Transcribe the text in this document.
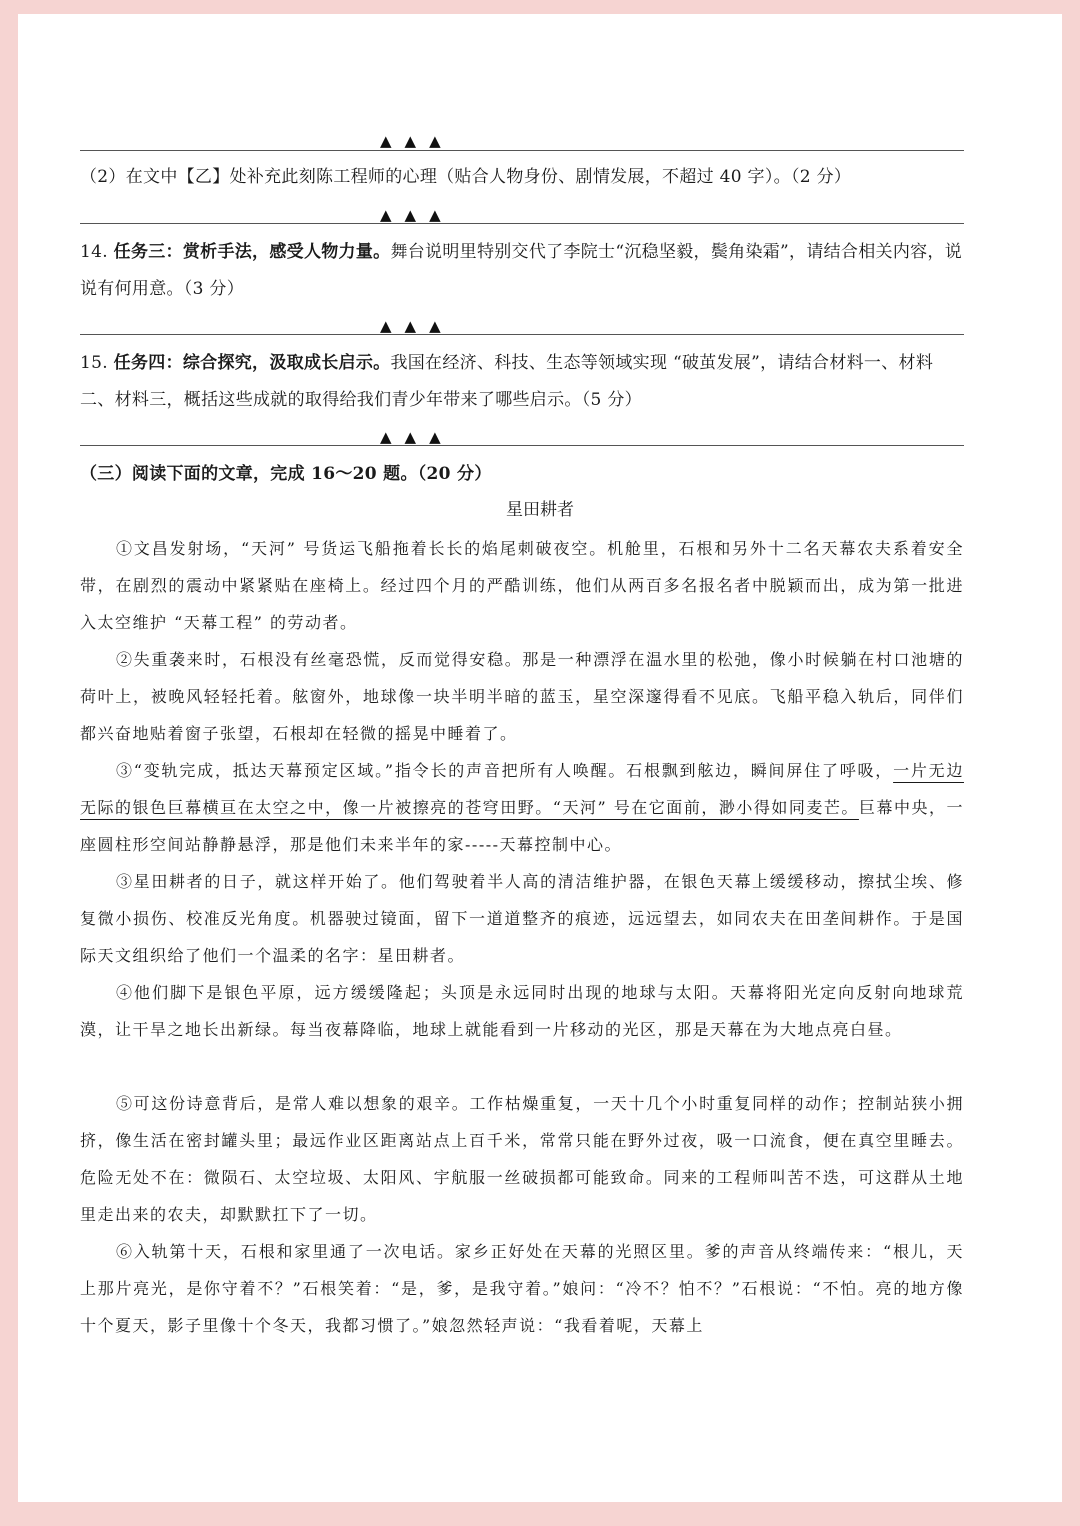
▲▲▲
（2）在文中【乙】处补充此刻陈工程师的心理（贴合人物身份、剧情发展，不超过 40 字）。（2 分）
▲▲▲
14. 任务三：赏析手法，感受人物力量。舞台说明里特别交代了李院士“沉稳坚毅，鬓角染霜”，请结合相关内容，说说有何用意。（3 分）
▲▲▲
15. 任务四：综合探究，汲取成长启示。我国在经济、科技、生态等领域实现 “破茧发展”，请结合材料一、材料二、材料三，概括这些成就的取得给我们青少年带来了哪些启示。（5 分）
▲▲▲
（三）阅读下面的文章，完成 16～20 题。（20 分）
星田耕者
①文昌发射场，“天河” 号货运飞船拖着长长的焰尾刺破夜空。机舱里，石根和另外十二名天幕农夫系着安全带，在剧烈的震动中紧紧贴在座椅上。经过四个月的严酷训练，他们从两百多名报名者中脱颖而出，成为第一批进入太空维护 “天幕工程” 的劳动者。
②失重袭来时，石根没有丝毫恐慌，反而觉得安稳。那是一种漂浮在温水里的松弛，像小时候躺在村口池塘的荷叶上，被晚风轻轻托着。舷窗外，地球像一块半明半暗的蓝玉，星空深邃得看不见底。飞船平稳入轨后，同伴们都兴奋地贴着窗子张望，石根却在轻微的摇晃中睡着了。
③“变轨完成，抵达天幕预定区域。”指令长的声音把所有人唤醒。石根飘到舷边，瞬间屏住了呼吸，一片无边无际的银色巨幕横亘在太空之中，像一片被擦亮的苍穹田野。“天河” 号在它面前，渺小得如同麦芒。巨幕中央，一座圆柱形空间站静静悬浮，那是他们未来半年的家-----天幕控制中心。
③星田耕者的日子，就这样开始了。他们驾驶着半人高的清洁维护器，在银色天幕上缓缓移动，擦拭尘埃、修复微小损伤、校准反光角度。机器驶过镜面，留下一道道整齐的痕迹，远远望去，如同农夫在田垄间耕作。于是国际天文组织给了他们一个温柔的名字：星田耕者。
④他们脚下是银色平原，远方缓缓隆起；头顶是永远同时出现的地球与太阳。天幕将阳光定向反射向地球荒漠，让干旱之地长出新绿。每当夜幕降临，地球上就能看到一片移动的光区，那是天幕在为大地点亮白昼。
⑤可这份诗意背后，是常人难以想象的艰辛。工作枯燥重复，一天十几个小时重复同样的动作；控制站狭小拥挤，像生活在密封罐头里；最远作业区距离站点上百千米，常常只能在野外过夜，吸一口流食，便在真空里睡去。危险无处不在：微陨石、太空垃圾、太阳风、宇航服一丝破损都可能致命。同来的工程师叫苦不迭，可这群从土地里走出来的农夫，却默默扛下了一切。
⑥入轨第十天，石根和家里通了一次电话。家乡正好处在天幕的光照区里。爹的声音从终端传来：“根儿，天上那片亮光，是你守着不？”石根笑着：“是，爹，是我守着。”娘问：“冷不？怕不？”石根说：“不怕。亮的地方像十个夏天，影子里像十个冬天，我都习惯了。”娘忽然轻声说：“我看着呢，天幕上
